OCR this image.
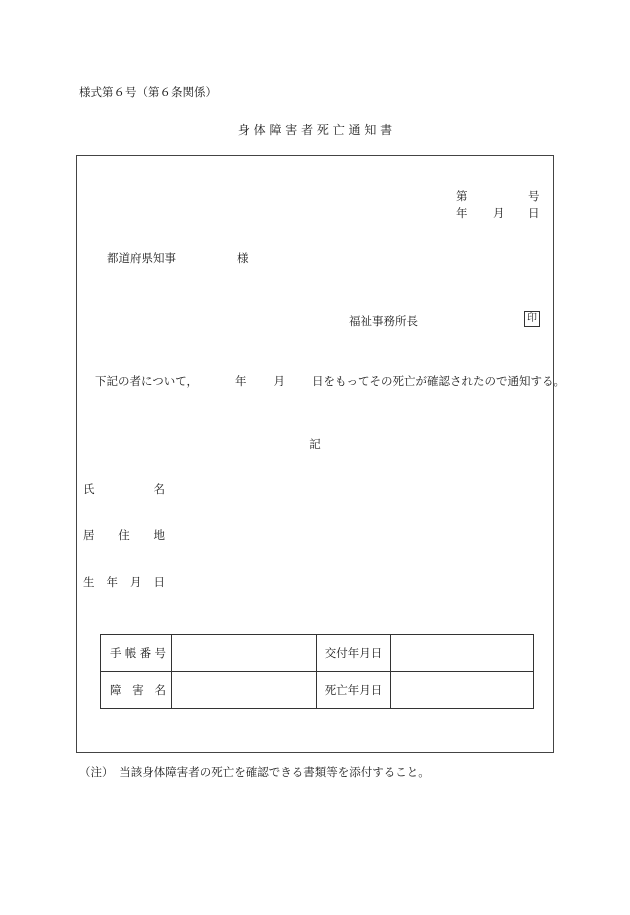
様式第６号（第６条関係）
身 体 障 害 者 死 亡 通 知 書
第	号
年 月 日
都道府県知事	様
福祉事務所長	印
下記の者について，	年 月 日をもってその死亡が確認されたので通知する。
記
氏	名
居 住 地
生 年 月 日
手 帳 番 号		交付年月日	

障 害 名		死亡年月日	
（注）　当該身体障害者の死亡を確認できる書類等を添付すること。
